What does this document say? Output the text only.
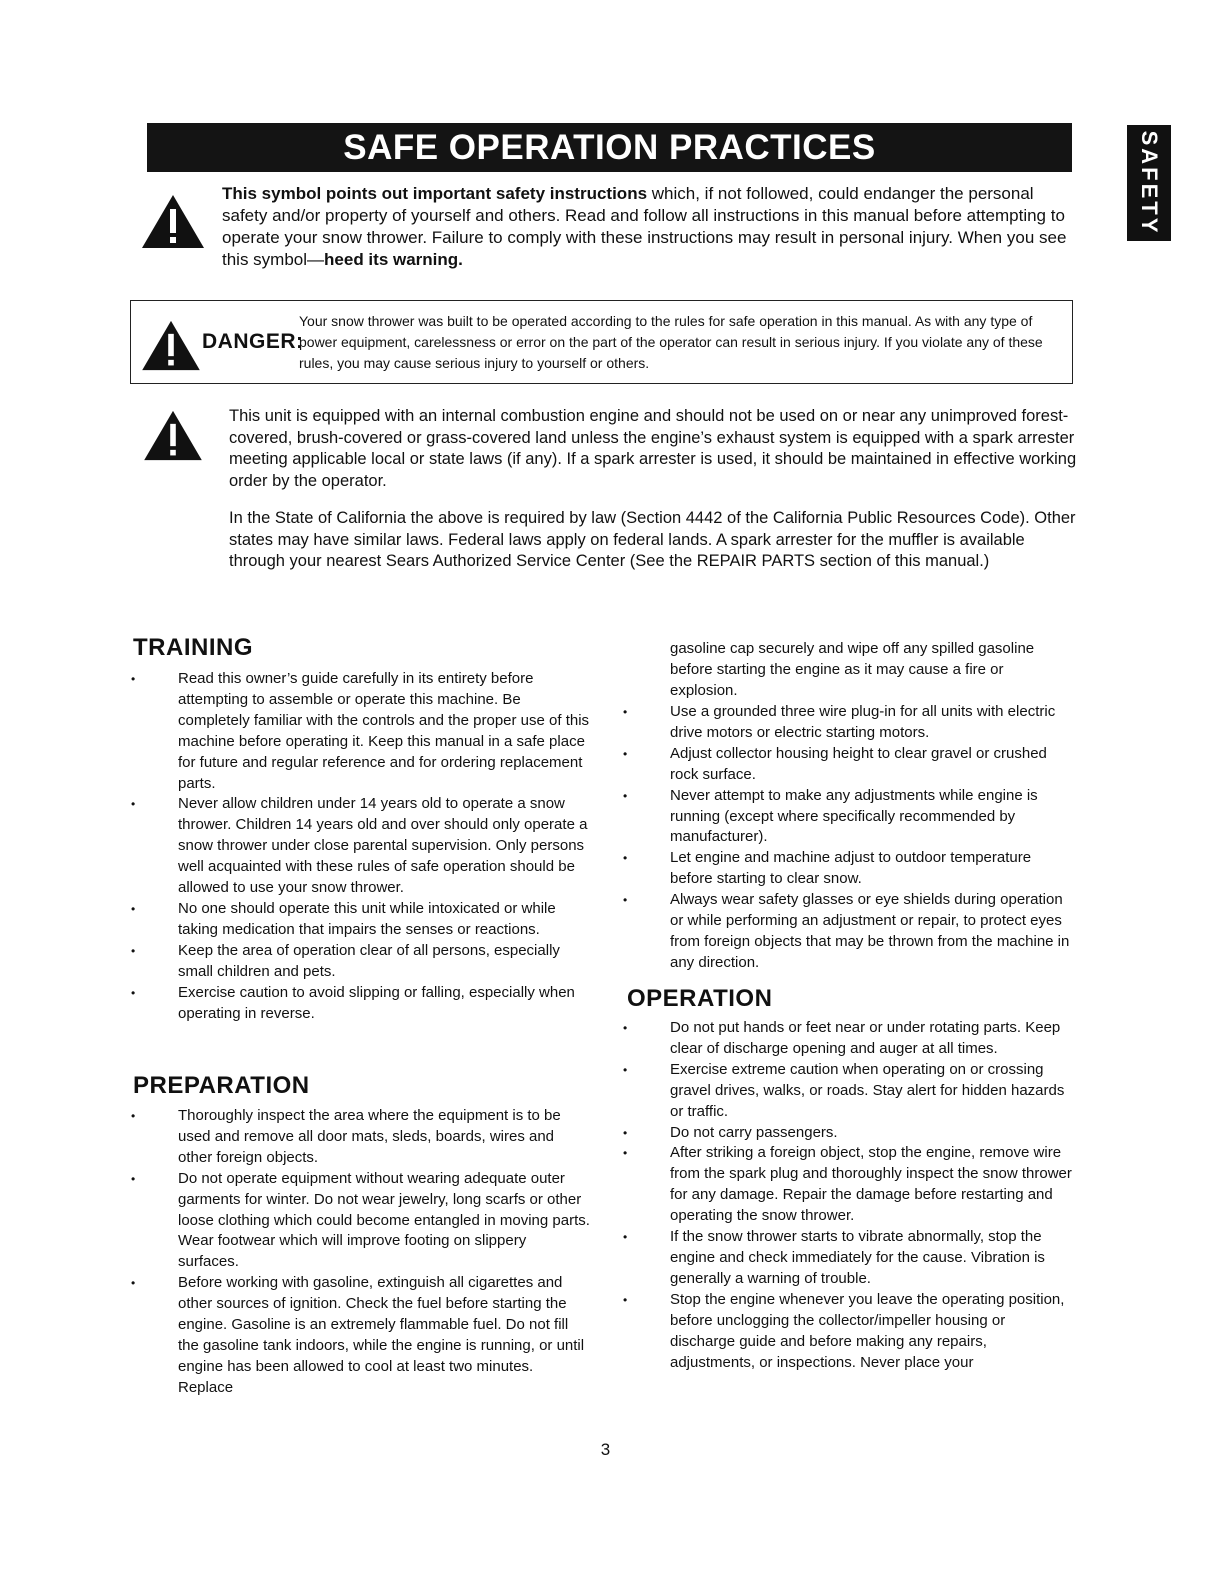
SAFE OPERATION PRACTICES	SAFETY

This symbol points out important safety instructions which, if not followed, could endanger the personal safety and/or property of yourself and others. Read and follow all instructions in this manual before attempting to operate your snow thrower. Failure to comply with these instructions may result in personal injury. When you see this symbol—heed its warning.

DANGER:

Your snow thrower was built to be operated according to the rules for safe operation in this manual. As with any type of power equipment, carelessness or error on the part of the operator can result in serious injury. If you violate any of these rules, you may cause serious injury to yourself or others.

This unit is equipped with an internal combustion engine and should not be used on or near any unimproved forest-covered, brush-covered or grass-covered land unless the engine’s exhaust system is equipped with a spark arrester meeting applicable local or state laws (if any). If a spark arrester is used, it should be maintained in effective working order by the operator.

In the State of California the above is required by law (Section 4442 of the California Public Resources Code). Other states may have similar laws. Federal laws apply on federal lands. A spark arrester for the muffler is available through your nearest Sears Authorized Service Center (See the REPAIR PARTS section of this manual.)

TRAINING
• Read this owner’s guide carefully in its entirety before attempting to assemble or operate this machine. Be completely familiar with the controls and the proper use of this machine before operating it. Keep this manual in a safe place for future and regular reference and for ordering replacement parts.
• Never allow children under 14 years old to operate a snow thrower. Children 14 years old and over should only operate a snow thrower under close parental supervision. Only persons well acquainted with these rules of safe operation should be allowed to use your snow thrower.
• No one should operate this unit while intoxicated or while taking medication that impairs the senses or reactions.
• Keep the area of operation clear of all persons, especially small children and pets.
• Exercise caution to avoid slipping or falling, especially when operating in reverse.
PREPARATION
• Thoroughly inspect the area where the equipment is to be used and remove all door mats, sleds, boards, wires and other foreign objects.
• Do not operate equipment without wearing adequate outer garments for winter. Do not wear jewelry, long scarfs or other loose clothing which could become entangled in moving parts. Wear footwear which will improve footing on slippery surfaces.
• Before working with gasoline, extinguish all cigarettes and other sources of ignition. Check the fuel before starting the engine. Gasoline is an extremely flammable fuel. Do not fill the gasoline tank indoors, while the engine is running, or until engine has been allowed to cool at least two minutes. Replace
gasoline cap securely and wipe off any spilled gasoline before starting the engine as it may cause a fire or explosion.
• Use a grounded three wire plug-in for all units with electric drive motors or electric starting motors.
• Adjust collector housing height to clear gravel or crushed rock surface.
• Never attempt to make any adjustments while engine is running (except where specifically recommended by manufacturer).
• Let engine and machine adjust to outdoor temperature before starting to clear snow.
• Always wear safety glasses or eye shields during operation or while performing an adjustment or repair, to protect eyes from foreign objects that may be thrown from the machine in any direction.
OPERATION
• Do not put hands or feet near or under rotating parts. Keep clear of discharge opening and auger at all times.
• Exercise extreme caution when operating on or crossing gravel drives, walks, or roads. Stay alert for hidden hazards or traffic.
• Do not carry passengers.
• After striking a foreign object, stop the engine, remove wire from the spark plug and thoroughly inspect the snow thrower for any damage. Repair the damage before restarting and operating the snow thrower.
• If the snow thrower starts to vibrate abnormally, stop the engine and check immediately for the cause. Vibration is generally a warning of trouble.
• Stop the engine whenever you leave the operating position, before unclogging the collector/impeller housing or discharge guide and before making any repairs, adjustments, or inspections. Never place your
3
